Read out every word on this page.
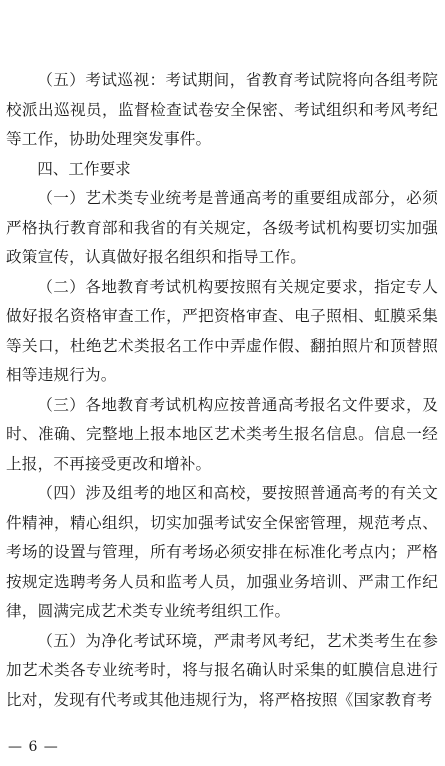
（五）考试巡视：考试期间，省教育考试院将向各组考院校派出巡视员，监督检查试卷安全保密、考试组织和考风考纪等工作，协助处理突发事件。

四、工作要求

（一）艺术类专业统考是普通高考的重要组成部分，必须严格执行教育部和我省的有关规定，各级考试机构要切实加强政策宣传，认真做好报名组织和指导工作。

（二）各地教育考试机构要按照有关规定要求，指定专人做好报名资格审查工作，严把资格审查、电子照相、虹膜采集等关口，杜绝艺术类报名工作中弄虚作假、翻拍照片和顶替照相等违规行为。

（三）各地教育考试机构应按普通高考报名文件要求，及时、准确、完整地上报本地区艺术类考生报名信息。信息一经上报，不再接受更改和增补。

（四）涉及组考的地区和高校，要按照普通高考的有关文件精神，精心组织，切实加强考试安全保密管理，规范考点、考场的设置与管理，所有考场必须安排在标准化考点内；严格按规定选聘考务人员和监考人员，加强业务培训、严肃工作纪律，圆满完成艺术类专业统考组织工作。

（五）为净化考试环境，严肃考风考纪，艺术类考生在参加艺术类各专业统考时，将与报名确认时采集的虹膜信息进行比对，发现有代考或其他违规行为，将严格按照《国家教育考

— 6 —
